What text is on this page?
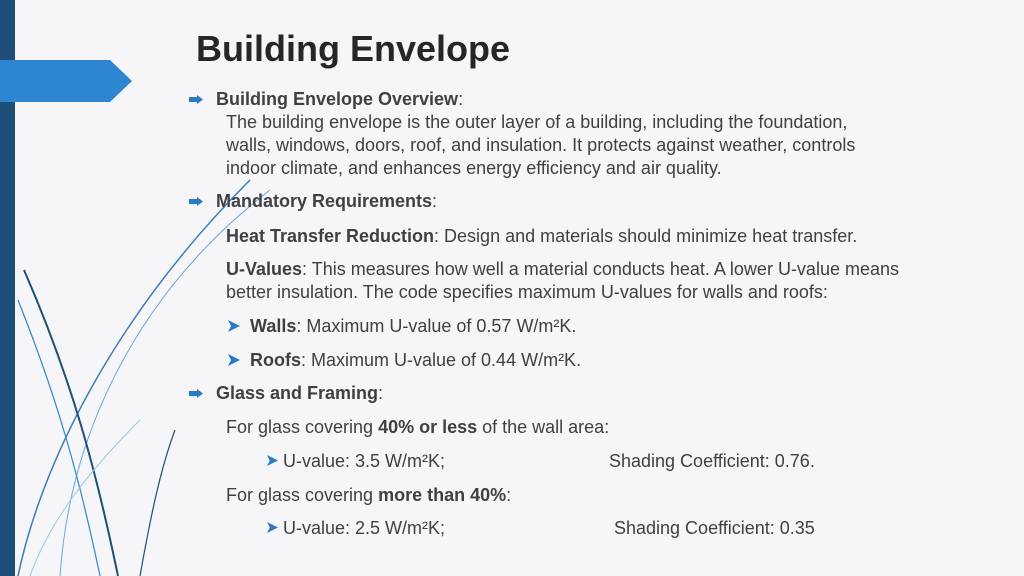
Building Envelope
Building Envelope Overview:
The building envelope is the outer layer of a building, including the foundation,
walls, windows, doors, roof, and insulation. It protects against weather, controls
indoor climate, and enhances energy efficiency and air quality.
Mandatory Requirements:
Heat Transfer Reduction: Design and materials should minimize heat transfer.
U-Values: This measures how well a material conducts heat. A lower U-value means
better insulation. The code specifies maximum U-values for walls and roofs:
Walls: Maximum U-value of 0.57 W/m²K.
Roofs: Maximum U-value of 0.44 W/m²K.
Glass and Framing:
For glass covering 40% or less of the wall area:
U-value: 3.5 W/m²K;	Shading Coefficient: 0.76.
For glass covering more than 40%:
U-value: 2.5 W/m²K;	Shading Coefficient: 0.35
